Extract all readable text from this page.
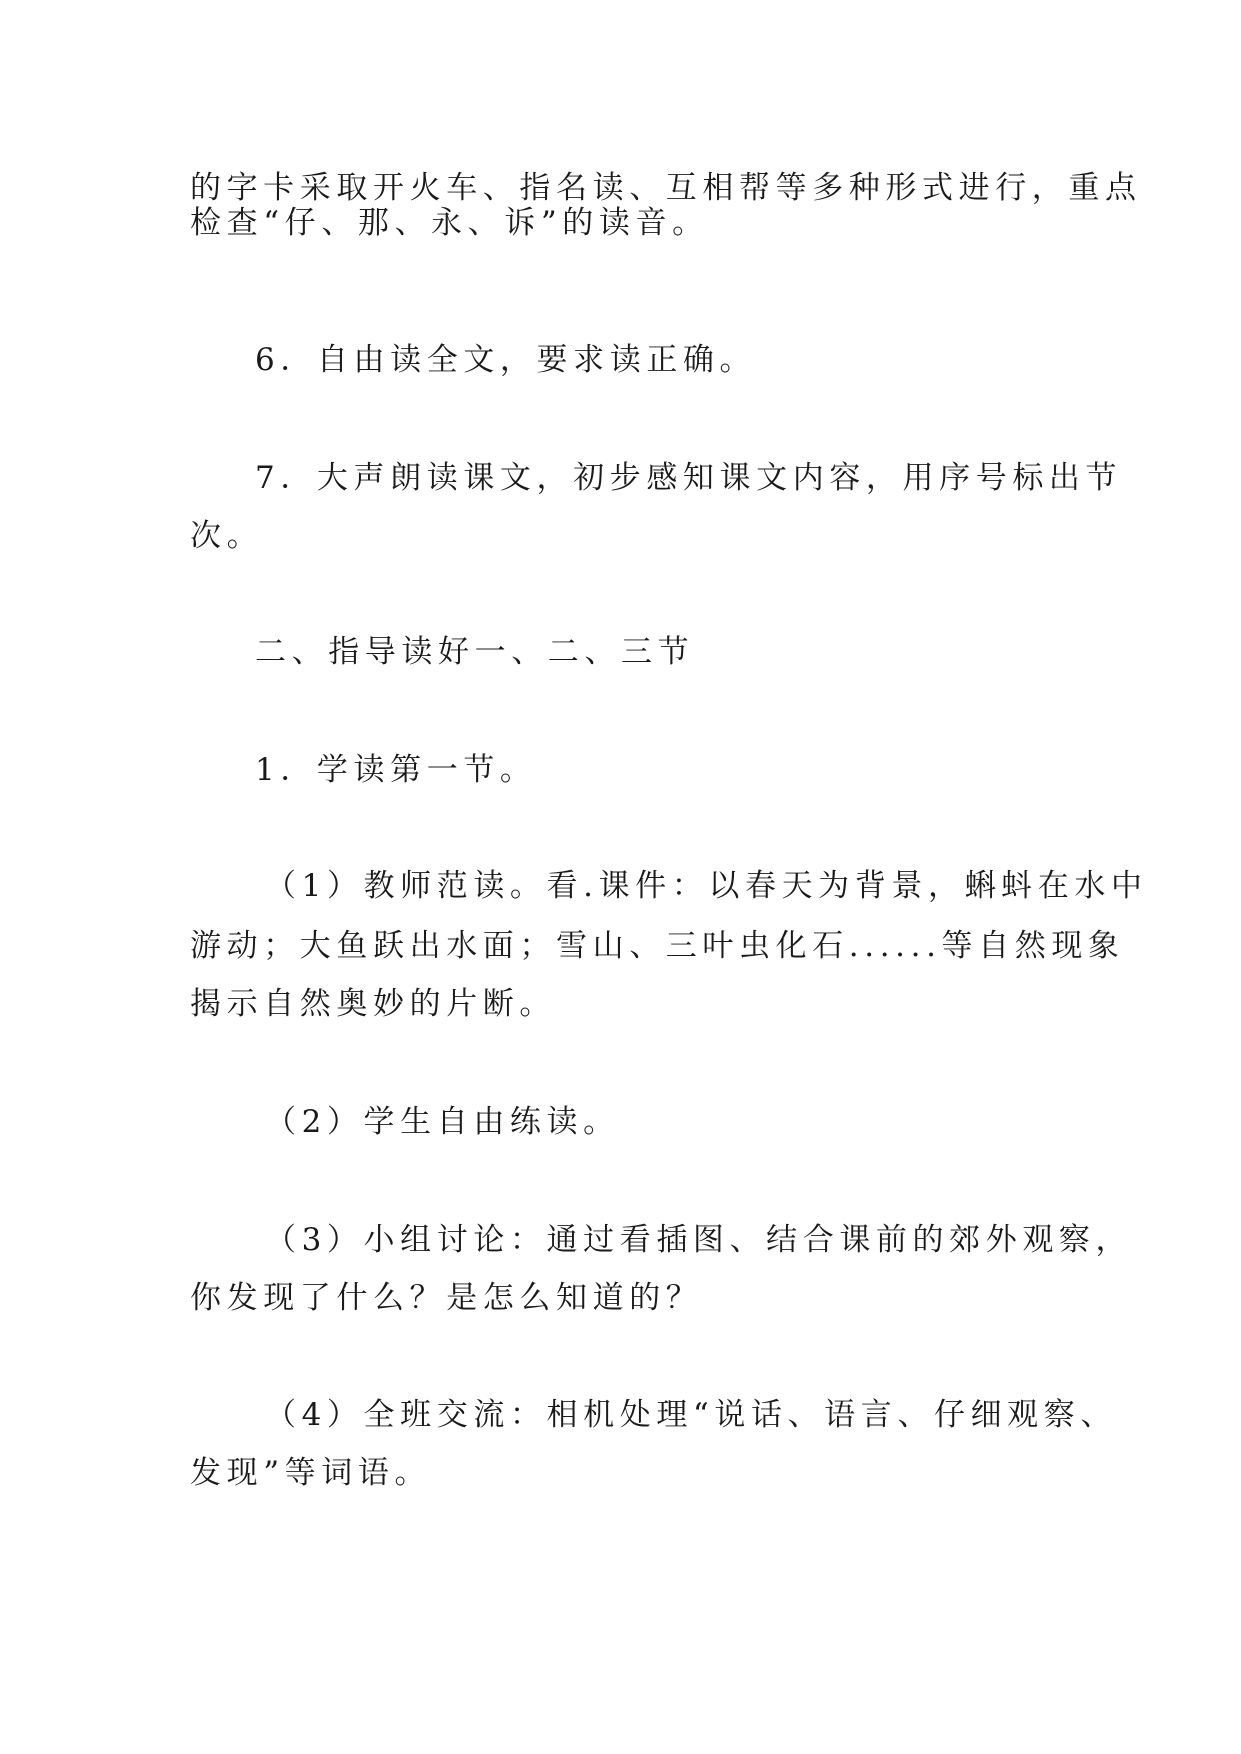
的字卡采取开火车、指名读、互相帮等多种形式进行，重点

检查“仔、那、永、诉”的读音。

6．自由读全文，要求读正确。

7．大声朗读课文，初步感知课文内容，用序号标出节

次。

二、指导读好一、二、三节

1．学读第一节。

（1）教师范读。看.课件：以春天为背景，蝌蚪在水中

游动；大鱼跃出水面；雪山、三叶虫化石......等自然现象

揭示自然奥妙的片断。

（2）学生自由练读。

（3）小组讨论：通过看插图、结合课前的郊外观察，

你发现了什么？是怎么知道的？

（4）全班交流：相机处理“说话、语言、仔细观察、

发现”等词语。
